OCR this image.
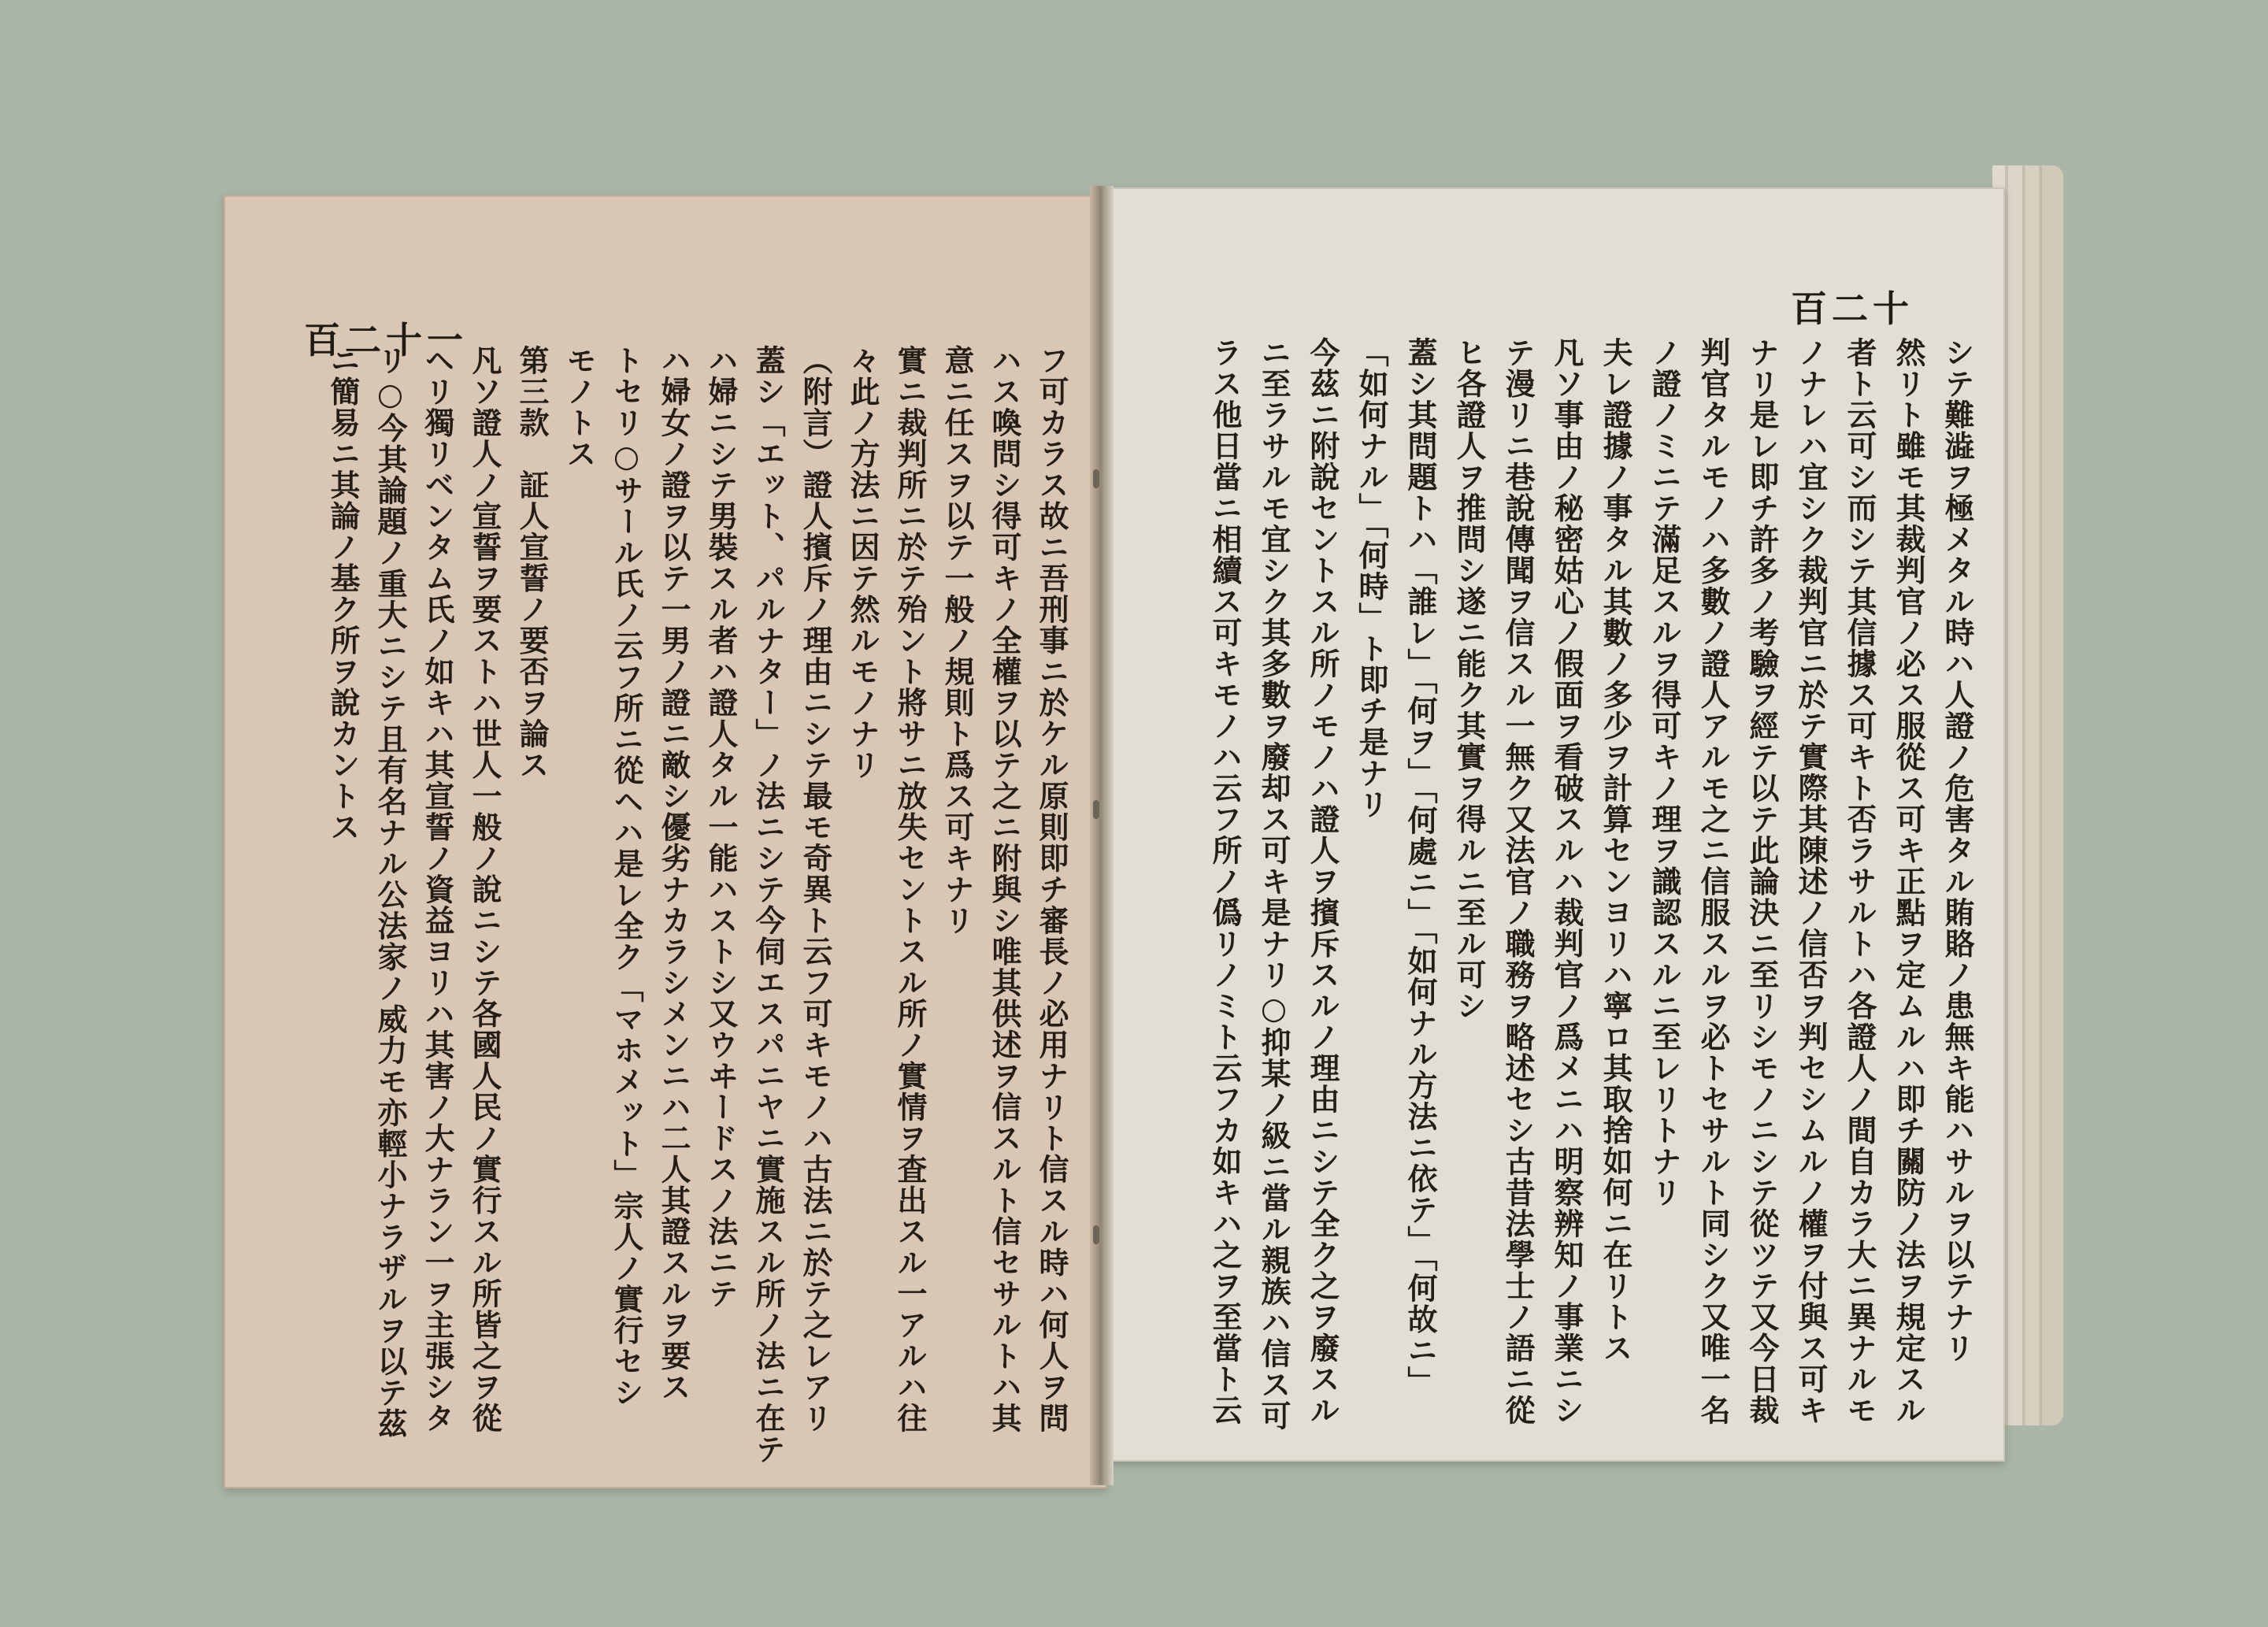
百二十一
フ可カラス故ニ吾刑事ニ於ケル原則即チ審長ノ必用ナリト信スル時ハ何人ヲ問
ハス喚問シ得可キノ全權ヲ以テ之ニ附與シ唯其供述ヲ信スルト信セサルトハ其
意ニ任スヲ以テ一般ノ規則ト爲ス可キナリ
實ニ裁判所ニ於テ殆ント將サニ放失セントスル所ノ實情ヲ査出スル一アルハ往
々此ノ方法ニ因テ然ルモノナリ
（附言）證人擯斥ノ理由ニシテ最モ奇異ト云フ可キモノハ古法ニ於テ之レアリ
蓋シ「エット、パルナター」ノ法ニシテ今伺エスパニヤニ實施スル所ノ法ニ在テ
ハ婦ニシテ男裝スル者ハ證人タル一能ハストシ又ウヰードスノ法ニテ
ハ婦女ノ證ヲ以テ一男ノ證ニ敵シ優劣ナカラシメンニハ二人其證スルヲ要ス
トセリ○サール氏ノ云フ所ニ從ヘハ是レ全ク「マホメット」宗人ノ實行セシ
モノトス
第三款　証人宣誓ノ要否ヲ論ス
凡ソ證人ノ宣誓ヲ要ストハ世人一般ノ說ニシテ各國人民ノ實行スル所皆之ヲ從
ヘリ獨リベンタム氏ノ如キハ其宣誓ノ資益ヨリハ其害ノ大ナラン一ヲ主張シタ
リ○今其論題ノ重大ニシテ且有名ナル公法家ノ威力モ亦輕小ナラザルヲ以テ茲
ニ簡易ニ其論ノ基ク所ヲ說カントス
百二十
シテ難澁ヲ極メタル時ハ人證ノ危害タル賄賂ノ患無キ能ハサルヲ以テナリ
然リト雖モ其裁判官ノ必ス服從ス可キ正點ヲ定ムルハ即チ關防ノ法ヲ規定スル
者ト云可シ而シテ其信據ス可キト否ラサルトハ各證人ノ間自カラ大ニ異ナルモ
ノナレハ宜シク裁判官ニ於テ實際其陳述ノ信否ヲ判セシムルノ權ヲ付與ス可キ
ナリ是レ即チ許多ノ考驗ヲ經テ以テ此論決ニ至リシモノニシテ從ツテ又今日裁
判官タルモノハ多數ノ證人アルモ之ニ信服スルヲ必トセサルト同シク又唯一名
ノ證ノミニテ滿足スルヲ得可キノ理ヲ識認スルニ至レリトナリ
夫レ證據ノ事タル其數ノ多少ヲ計算センヨリハ寧ロ其取捨如何ニ在リトス
凡ソ事由ノ秘密姑心ノ假面ヲ看破スルハ裁判官ノ爲メニハ明察辨知ノ事業ニシ
テ漫リニ巷說傳聞ヲ信スル一無ク又法官ノ職務ヲ略述セシ古昔法學士ノ語ニ從
ヒ各證人ヲ推問シ遂ニ能ク其實ヲ得ルニ至ル可シ
蓋シ其問題トハ「誰レ」「何ヲ」「何處ニ」「如何ナル方法ニ依テ」「何故ニ」
「如何ナル」「何時」ト即チ是ナリ
今茲ニ附說セントスル所ノモノハ證人ヲ擯斥スルノ理由ニシテ全ク之ヲ廢スル
ニ至ラサルモ宜シク其多數ヲ廢却ス可キ是ナリ○抑某ノ級ニ當ル親族ハ信ス可
ラス他日當ニ相續ス可キモノハ云フ所ノ僞リノミト云フカ如キハ之ヲ至當ト云
